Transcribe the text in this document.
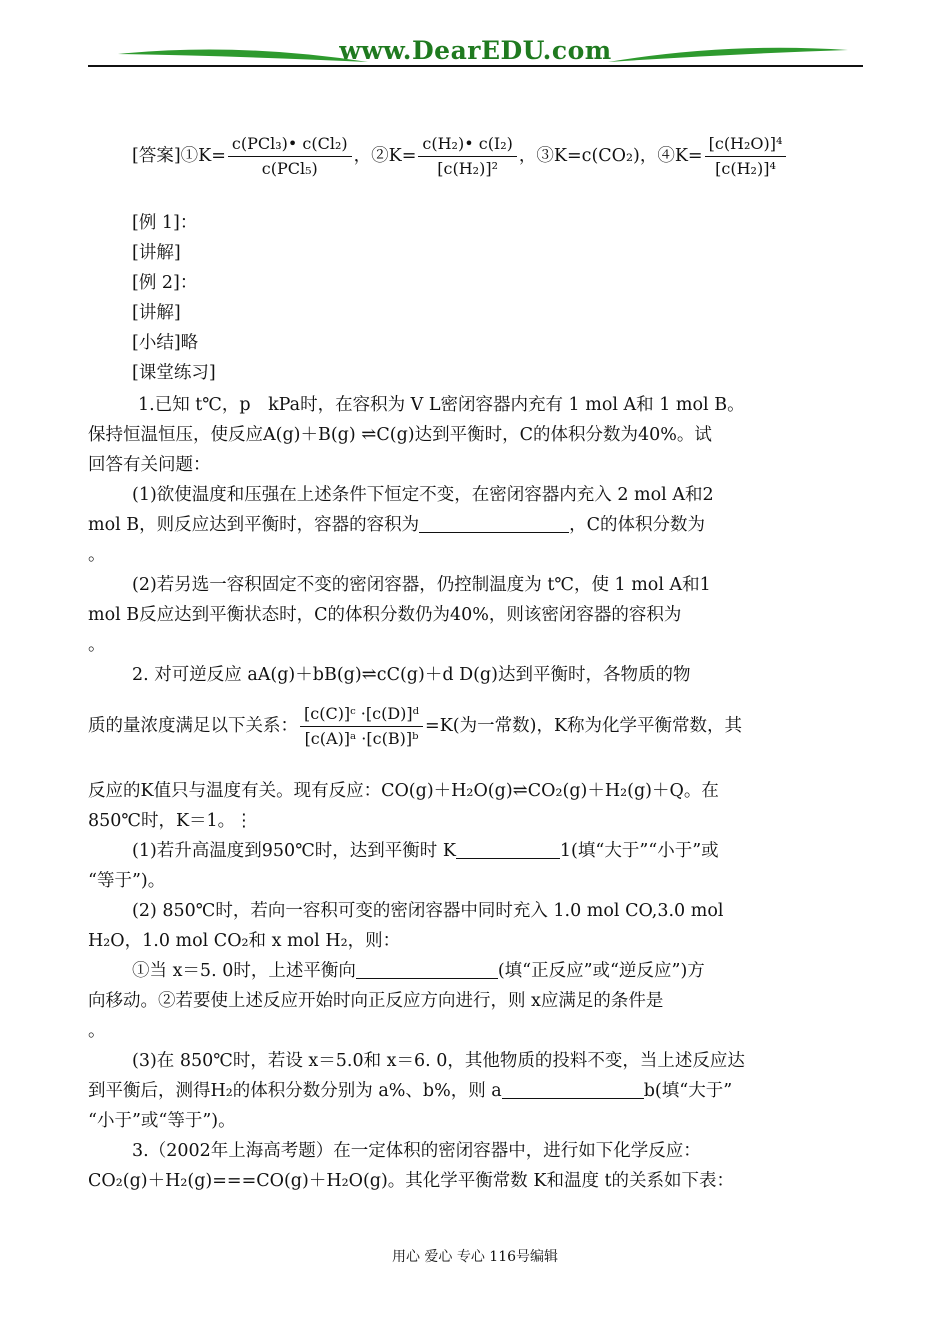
www.DearEDU.com
[答案]①K= $\frac{\text{c(PCl₃)• c(Cl₂)}}{\text{c(PCl₅)}}$ ，②K= $\frac{\text{c(H₂)• c(I₂)}}{\text{[c(H₂)]²}}$ ，③K=c(CO₂)，④K= $\frac{\text{[c(H₂O)]⁴}}{\text{[c(H₂)]⁴}}$
[例 1]：
[讲解]
[例 2]：
[讲解]
[小结]略
[课堂练习]
1.已知 t℃，p　kPa时，在容积为 V L密闭容器内充有 1 mol A和 1 mol B。
保持恒温恒压，使反应A(g)＋B(g) ⇌C(g)达到平衡时，C的体积分数为40%。试
回答有关问题：
(1)欲使温度和压强在上述条件下恒定不变，在密闭容器内充入 2 mol A和2
mol B，则反应达到平衡时，容器的容积为	，C的体积分数为
。
(2)若另选一容积固定不变的密闭容器，仍控制温度为 t℃，使 1 mol A和1
mol B反应达到平衡状态时，C的体积分数仍为40%，则该密闭容器的容积为
。
2. 对可逆反应 aA(g)＋bB(g)⇌cC(g)＋d D(g)达到平衡时，各物质的物
质的量浓度满足以下关系： $\frac{\text{[c(C)]ᶜ ·[c(D)]ᵈ}}{\text{[c(A)]ᵃ ·[c(B)]ᵇ}} =K$(为一常数)，K称为化学平衡常数，其
反应的K值只与温度有关。现有反应：CO(g)＋H₂O(g)⇌CO₂(g)＋H₂(g)＋Q。在
850℃时，K＝1。⋮
(1)若升高温度到950℃时，达到平衡时 K	1(填“大于”“小于”或
“等于”)。
(2) 850℃时，若向一容积可变的密闭容器中同时充入 1.0 mol CO,3.0 mol
H₂O，1.0 mol CO₂和 x mol H₂，则：
①当 x＝5. 0时，上述平衡向	(填“正反应”或“逆反应”)方
向移动。②若要使上述反应开始时向正反应方向进行，则 x应满足的条件是
。
(3)在 850℃时，若设 x＝5.0和 x＝6. 0，其他物质的投料不变，当上述反应达
到平衡后，测得H₂的体积分数分别为 a%、b%，则 a	b(填“大于”
“小于”或“等于”)。
3.（2002年上海高考题）在一定体积的密闭容器中，进行如下化学反应：
CO₂(g)＋H₂(g)===CO(g)＋H₂O(g)。其化学平衡常数 K和温度 t的关系如下表：
用心 爱心 专心 116号编辑
